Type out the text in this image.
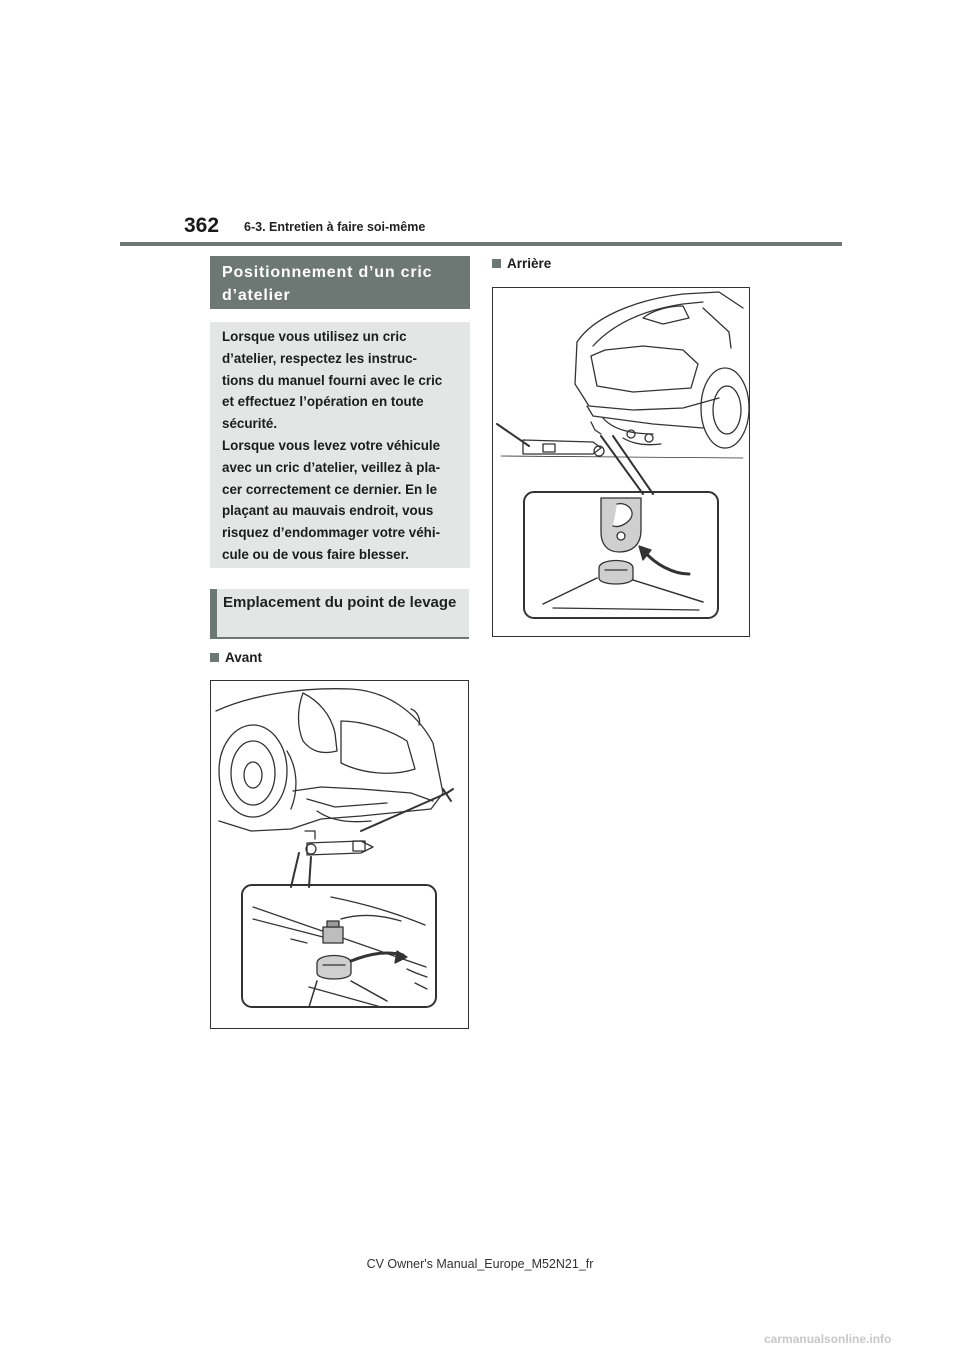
362 6-3. Entretien à faire soi-même
Positionnement d’un cric d’atelier

Lorsque vous utilisez un cric

d’atelier, respectez les instruc-

tions du manuel fourni avec le cric

et effectuez l’opération en toute

sécurité.

Lorsque vous levez votre véhicule

avec un cric d’atelier, veillez à pla-

cer correctement ce dernier. En le

plaçant au mauvais endroit, vous

risquez d’endommager votre véhi-

cule ou de vous faire blesser.

Emplacement du point de levage
Avant
Arrière
CV Owner's Manual_Europe_M52N21_fr
carmanualsonline.info
